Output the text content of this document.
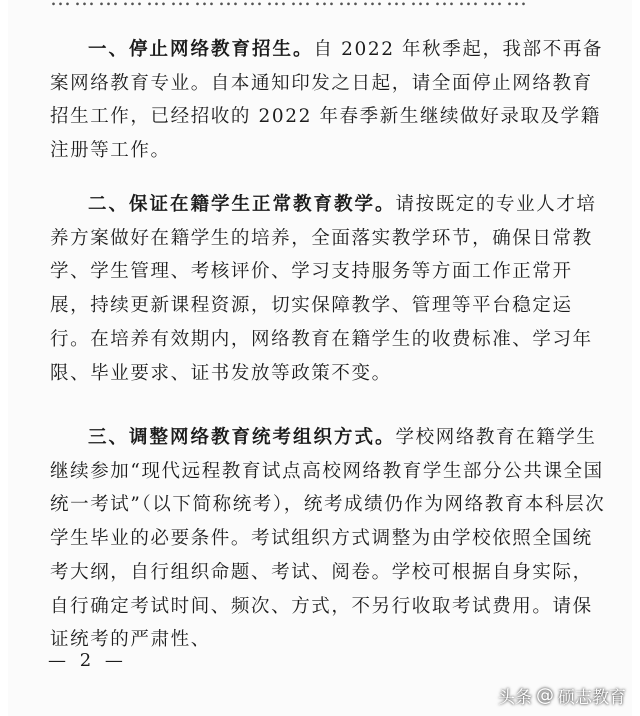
一、停止网络教育招生。自 2022 年秋季起，我部不再备案网络教育专业。自本通知印发之日起，请全面停止网络教育招生工作，已经招收的 2022 年春季新生继续做好录取及学籍注册等工作。
二、保证在籍学生正常教育教学。请按既定的专业人才培养方案做好在籍学生的培养，全面落实教学环节，确保日常教学、学生管理、考核评价、学习支持服务等方面工作正常开展，持续更新课程资源，切实保障教学、管理等平台稳定运行。在培养有效期内，网络教育在籍学生的收费标准、学习年限、毕业要求、证书发放等政策不变。
三、调整网络教育统考组织方式。学校网络教育在籍学生继续参加“现代远程教育试点高校网络教育学生部分公共课全国统一考试”（以下简称统考），统考成绩仍作为网络教育本科层次学生毕业的必要条件。考试组织方式调整为由学校依照全国统考大纲，自行组织命题、考试、阅卷。学校可根据自身实际，自行确定考试时间、频次、方式，不另行收取考试费用。请保证统考的严肃性、
— 2 —
头条 @ 硕志教育
